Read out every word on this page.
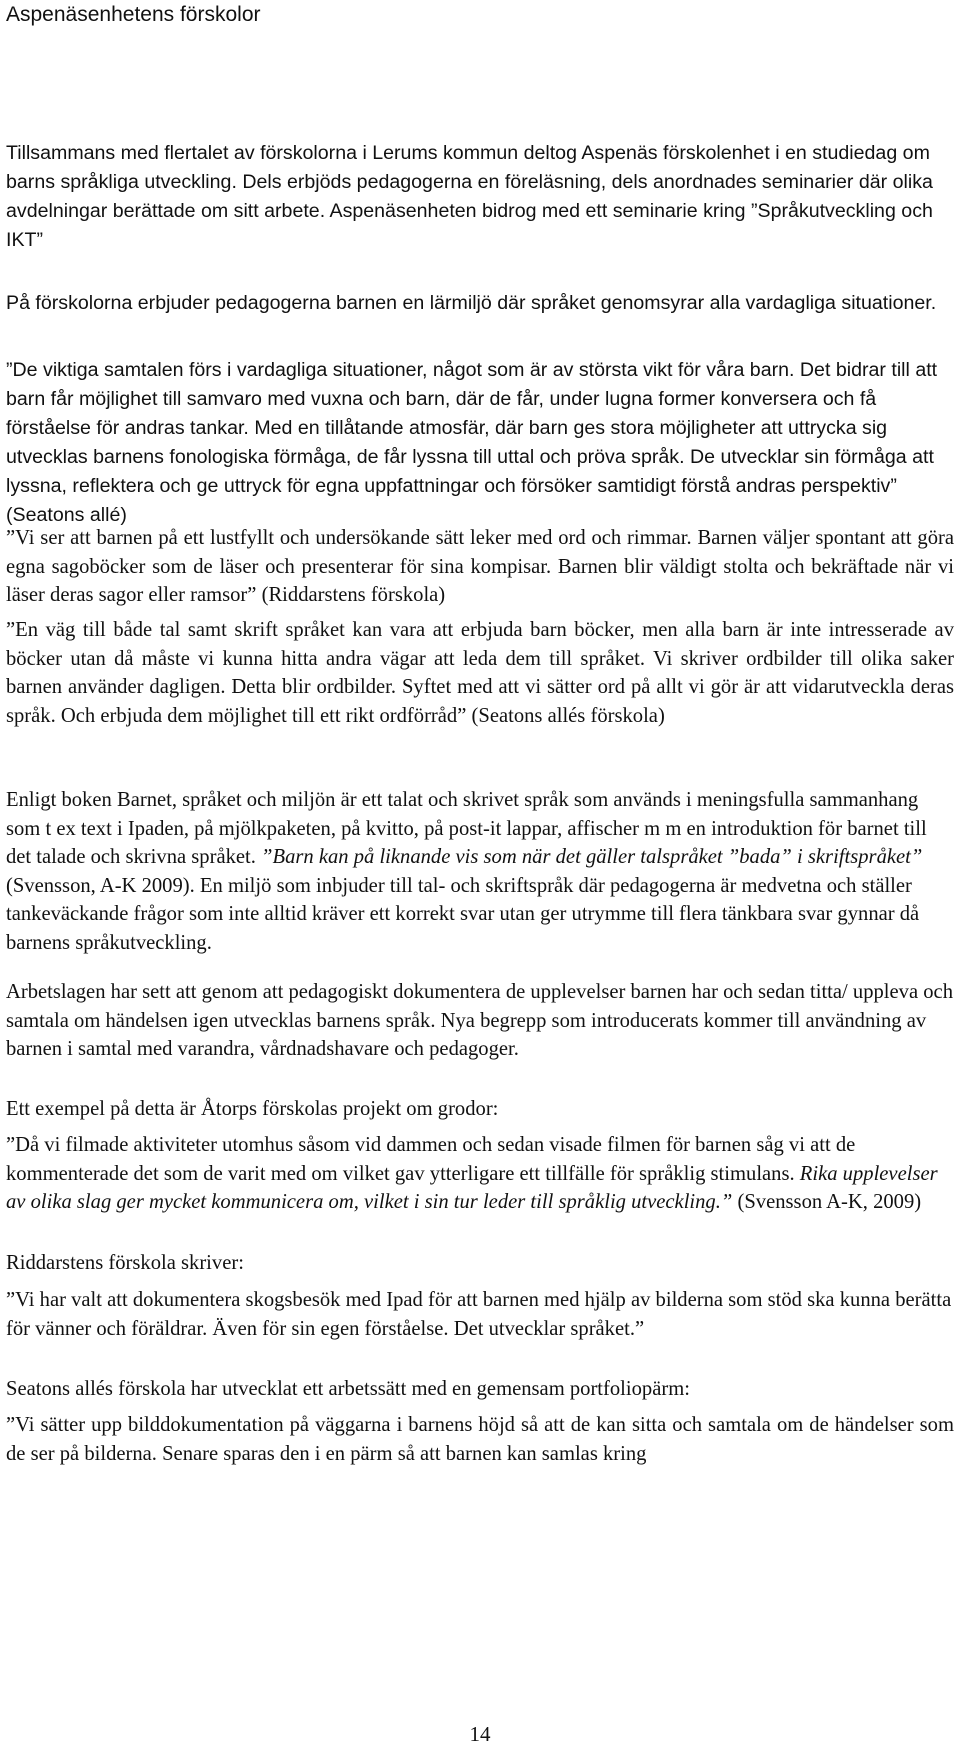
Aspenäsenhetens förskolor

Tillsammans med flertalet av förskolorna i Lerums kommun deltog Aspenäs förskolenhet i en studiedag om barns språkliga utveckling. Dels erbjöds pedagogerna en föreläsning, dels anordnades seminarier där olika avdelningar berättade om sitt arbete. Aspenäsenheten bidrog med ett seminarie kring ”Språkutveckling och IKT”

På förskolorna erbjuder pedagogerna barnen en lärmiljö där språket genomsyrar alla vardagliga situationer.

”De viktiga samtalen förs i vardagliga situationer, något som är av största vikt för våra barn. Det bidrar till att barn får möjlighet till samvaro med vuxna och barn, där de får, under lugna former konversera och få förståelse för andras tankar. Med en tillåtande atmosfär, där barn ges stora möjligheter att uttrycka sig utvecklas barnens fonologiska förmåga, de får lyssna till uttal och pröva språk. De utvecklar sin förmåga att lyssna, reflektera och ge uttryck för egna uppfattningar och försöker samtidigt förstå andras perspektiv” (Seatons allé)

”Vi ser att barnen på ett lustfyllt och undersökande sätt leker med ord och rimmar. Barnen väljer spontant att göra egna sagoböcker som de läser och presenterar för sina kompisar. Barnen blir väldigt stolta och bekräftade när vi läser deras sagor eller ramsor” (Riddarstens förskola)

”En väg till både tal samt skrift språket kan vara att erbjuda barn böcker, men alla barn är inte intresserade av böcker utan då måste vi kunna hitta andra vägar att leda dem till språket. Vi skriver ordbilder till olika saker barnen använder dagligen. Detta blir ordbilder. Syftet med att vi sätter ord på allt vi gör är att vidarutveckla deras språk. Och erbjuda dem möjlighet till ett rikt ordförråd” (Seatons allés förskola)

Enligt boken Barnet, språket och miljön är ett talat och skrivet språk som används i meningsfulla sammanhang som t ex text i Ipaden, på mjölkpaketen, på kvitto, på post-it lappar, affischer m m en introduktion för barnet till det talade och skrivna språket. ”Barn kan på liknande vis som när det gäller talspråket ”bada” i skriftspråket” (Svensson, A-K 2009). En miljö som inbjuder till tal- och skriftspråk där pedagogerna är medvetna och ställer tankeväckande frågor som inte alltid kräver ett korrekt svar utan ger utrymme till flera tänkbara svar gynnar då barnens språkutveckling.

Arbetslagen har sett att genom att pedagogiskt dokumentera de upplevelser barnen har och sedan titta/ uppleva och samtala om händelsen igen utvecklas barnens språk. Nya begrepp som introducerats kommer till användning av barnen i samtal med varandra, vårdnadshavare och pedagoger.

Ett exempel på detta är Åtorps förskolas projekt om grodor:

”Då vi filmade aktiviteter utomhus såsom vid dammen och sedan visade filmen för barnen såg vi att de kommenterade det som de varit med om vilket gav ytterligare ett tillfälle för språklig stimulans. Rika upplevelser av olika slag ger mycket kommunicera om, vilket i sin tur leder till språklig utveckling.” (Svensson A-K, 2009)

Riddarstens förskola skriver:

”Vi har valt att dokumentera skogsbesök med Ipad för att barnen med hjälp av bilderna som stöd ska kunna berätta för vänner och föräldrar. Även för sin egen förståelse. Det utvecklar språket.”

Seatons allés förskola har utvecklat ett arbetssätt med en gemensam portfoliopärm:

”Vi sätter upp bilddokumentation på väggarna i barnens höjd så att de kan sitta och samtala om de händelser som de ser på bilderna. Senare sparas den i en pärm så att barnen kan samlas kring

14
